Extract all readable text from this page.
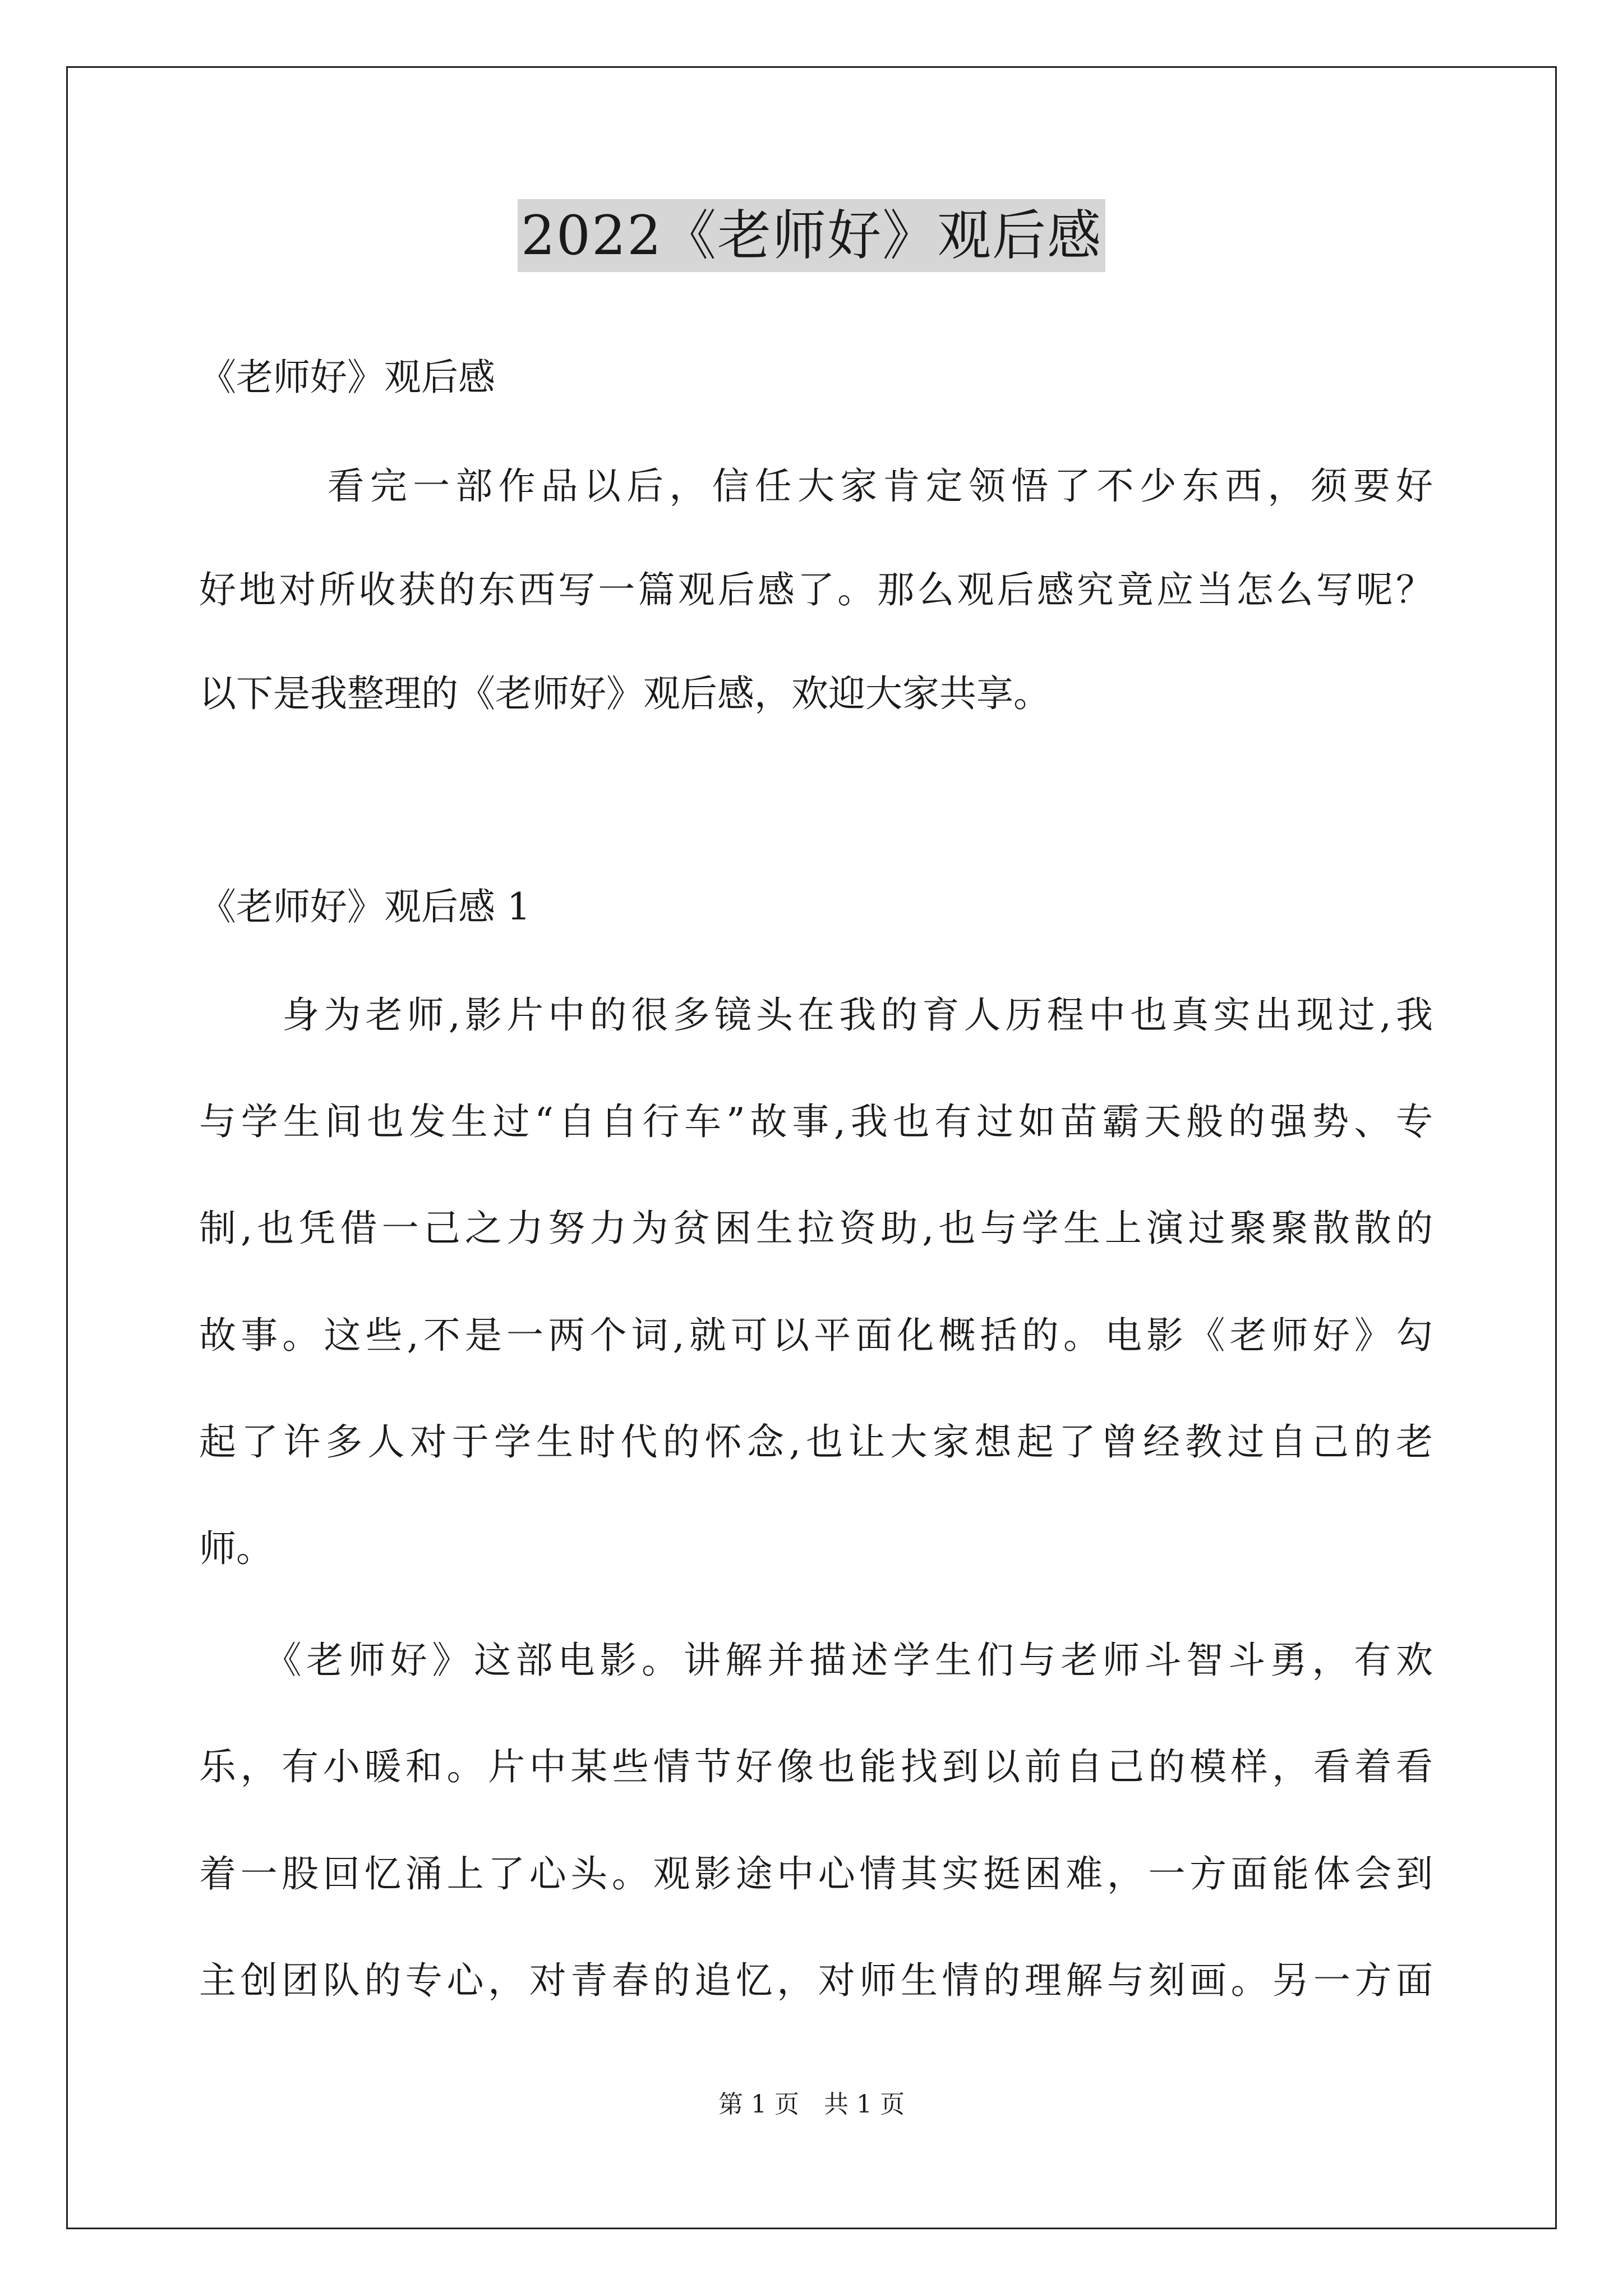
2022《老师好》观后感
《老师好》观后感
　　　看完一部作品以后，信任大家肯定领悟了不少东西，须要好
好地对所收获的东西写一篇观后感了。那么观后感究竟应当怎么写呢？
以下是我整理的《老师好》观后感，欢迎大家共享。
《老师好》观后感 1
　　身为老师,影片中的很多镜头在我的育人历程中也真实出现过,我
与学生间也发生过“自自行车”故事,我也有过如苗霸天般的强势、专
制,也凭借一己之力努力为贫困生拉资助,也与学生上演过聚聚散散的
故事。这些,不是一两个词,就可以平面化概括的。电影《老师好》勾
起了许多人对于学生时代的怀念,也让大家想起了曾经教过自己的老
师。
　　《老师好》这部电影。讲解并描述学生们与老师斗智斗勇，有欢
乐，有小暖和。片中某些情节好像也能找到以前自己的模样，看着看
着一股回忆涌上了心头。观影途中心情其实挺困难，一方面能体会到
主创团队的专心，对青春的追忆，对师生情的理解与刻画。另一方面
第 1 页　共 1 页
